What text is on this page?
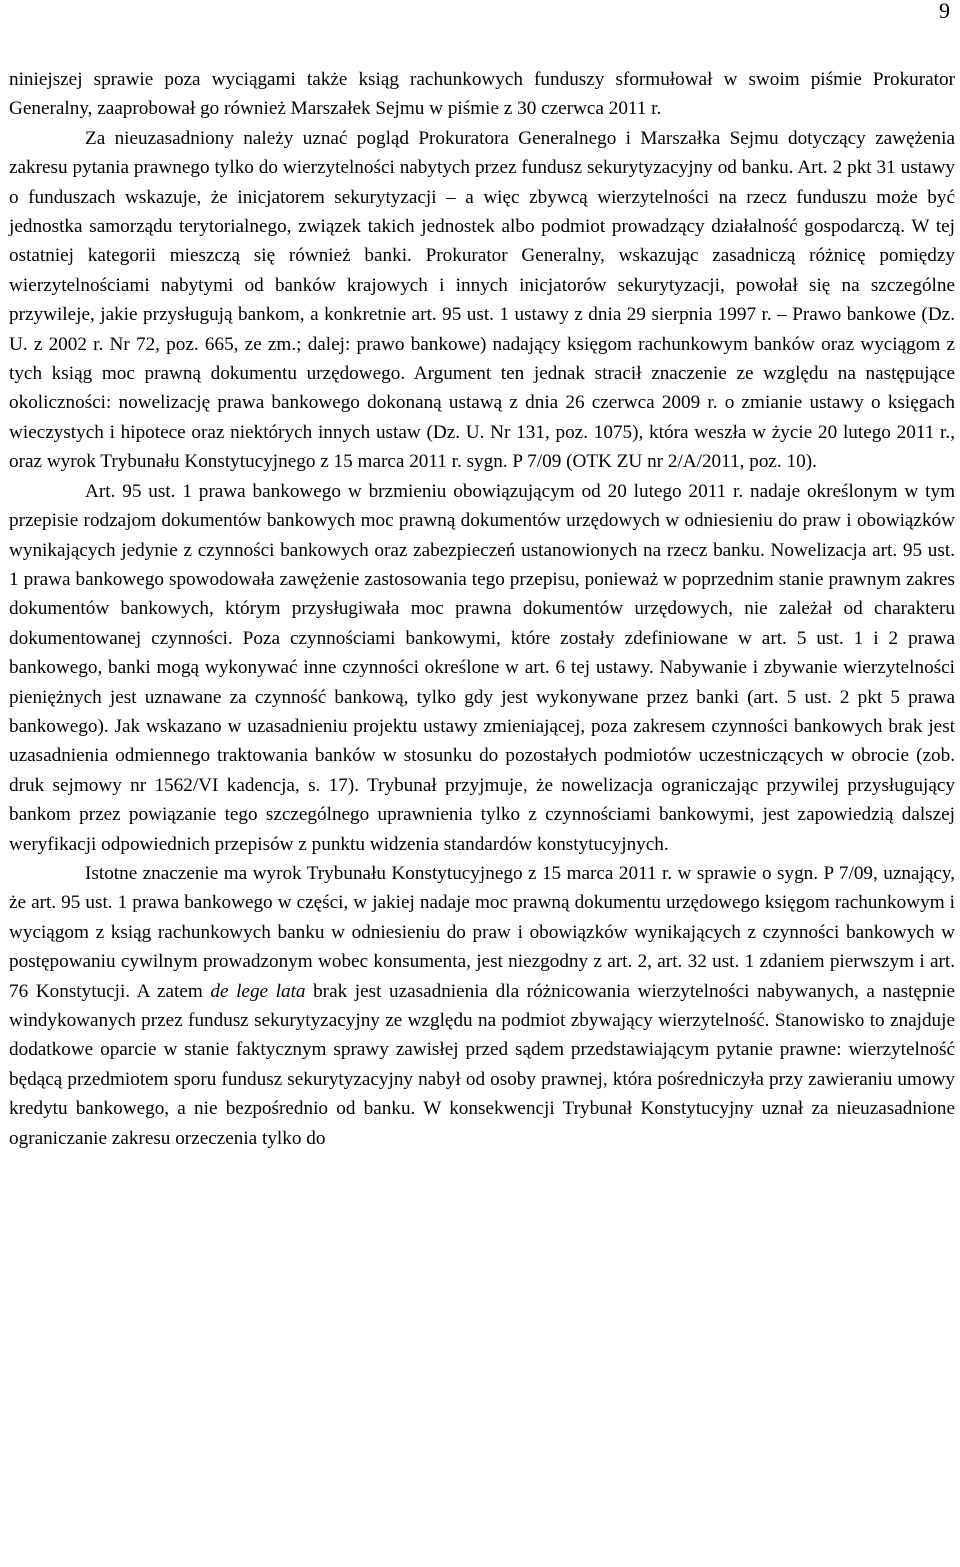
9

niniejszej sprawie poza wyciągami także ksiąg rachunkowych funduszy sformułował w swoim piśmie Prokurator Generalny, zaaprobował go również Marszałek Sejmu w piśmie z 30 czerwca 2011 r.

Za nieuzasadniony należy uznać pogląd Prokuratora Generalnego i Marszałka Sejmu dotyczący zawężenia zakresu pytania prawnego tylko do wierzytelności nabytych przez fundusz sekurytyzacyjny od banku. Art. 2 pkt 31 ustawy o funduszach wskazuje, że inicjatorem sekurytyzacji – a więc zbywcą wierzytelności na rzecz funduszu może być jednostka samorządu terytorialnego, związek takich jednostek albo podmiot prowadzący działalność gospodarczą. W tej ostatniej kategorii mieszczą się również banki. Prokurator Generalny, wskazując zasadniczą różnicę pomiędzy wierzytelnościami nabytymi od banków krajowych i innych inicjatorów sekurytyzacji, powołał się na szczególne przywileje, jakie przysługują bankom, a konkretnie art. 95 ust. 1 ustawy z dnia 29 sierpnia 1997 r. – Prawo bankowe (Dz. U. z 2002 r. Nr 72, poz. 665, ze zm.; dalej: prawo bankowe) nadający księgom rachunkowym banków oraz wyciągom z tych ksiąg moc prawną dokumentu urzędowego. Argument ten jednak stracił znaczenie ze względu na następujące okoliczności: nowelizację prawa bankowego dokonaną ustawą z dnia 26 czerwca 2009 r. o zmianie ustawy o księgach wieczystych i hipotece oraz niektórych innych ustaw (Dz. U. Nr 131, poz. 1075), która weszła w życie 20 lutego 2011 r., oraz wyrok Trybunału Konstytucyjnego z 15 marca 2011 r. sygn. P 7/09 (OTK ZU nr 2/A/2011, poz. 10).

Art. 95 ust. 1 prawa bankowego w brzmieniu obowiązującym od 20 lutego 2011 r. nadaje określonym w tym przepisie rodzajom dokumentów bankowych moc prawną dokumentów urzędowych w odniesieniu do praw i obowiązków wynikających jedynie z czynności bankowych oraz zabezpieczeń ustanowionych na rzecz banku. Nowelizacja art. 95 ust. 1 prawa bankowego spowodowała zawężenie zastosowania tego przepisu, ponieważ w poprzednim stanie prawnym zakres dokumentów bankowych, którym przysługiwała moc prawna dokumentów urzędowych, nie zależał od charakteru dokumentowanej czynności. Poza czynnościami bankowymi, które zostały zdefiniowane w art. 5 ust. 1 i 2 prawa bankowego, banki mogą wykonywać inne czynności określone w art. 6 tej ustawy. Nabywanie i zbywanie wierzytelności pieniężnych jest uznawane za czynność bankową, tylko gdy jest wykonywane przez banki (art. 5 ust. 2 pkt 5 prawa bankowego). Jak wskazano w uzasadnieniu projektu ustawy zmieniającej, poza zakresem czynności bankowych brak jest uzasadnienia odmiennego traktowania banków w stosunku do pozostałych podmiotów uczestniczących w obrocie (zob. druk sejmowy nr 1562/VI kadencja, s. 17). Trybunał przyjmuje, że nowelizacja ograniczając przywilej przysługujący bankom przez powiązanie tego szczególnego uprawnienia tylko z czynnościami bankowymi, jest zapowiedzią dalszej weryfikacji odpowiednich przepisów z punktu widzenia standardów konstytucyjnych.

Istotne znaczenie ma wyrok Trybunału Konstytucyjnego z 15 marca 2011 r. w sprawie o sygn. P 7/09, uznający, że art. 95 ust. 1 prawa bankowego w części, w jakiej nadaje moc prawną dokumentu urzędowego księgom rachunkowym i wyciągom z ksiąg rachunkowych banku w odniesieniu do praw i obowiązków wynikających z czynności bankowych w postępowaniu cywilnym prowadzonym wobec konsumenta, jest niezgodny z art. 2, art. 32 ust. 1 zdaniem pierwszym i art. 76 Konstytucji. A zatem de lege lata brak jest uzasadnienia dla różnicowania wierzytelności nabywanych, a następnie windykowanych przez fundusz sekurytyzacyjny ze względu na podmiot zbywający wierzytelność. Stanowisko to znajduje dodatkowe oparcie w stanie faktycznym sprawy zawisłej przed sądem przedstawiającym pytanie prawne: wierzytelność będącą przedmiotem sporu fundusz sekurytyzacyjny nabył od osoby prawnej, która pośredniczyła przy zawieraniu umowy kredytu bankowego, a nie bezpośrednio od banku. W konsekwencji Trybunał Konstytucyjny uznał za nieuzasadnione ograniczanie zakresu orzeczenia tylko do
